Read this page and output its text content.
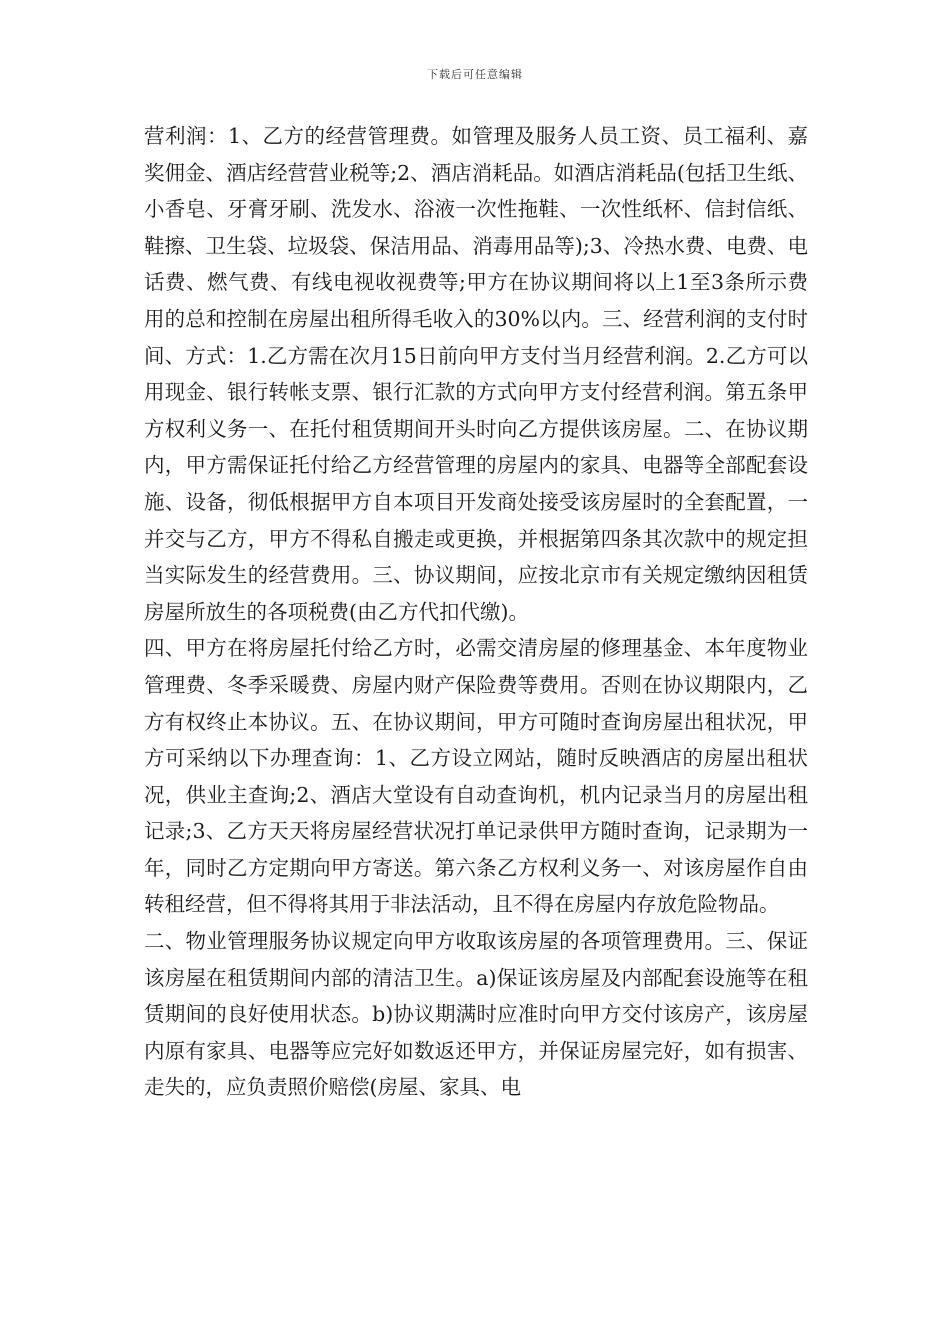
下载后可任意编辑

营利润：1、乙方的经营管理费。如管理及服务人员工资、员工福利、嘉奖佣金、酒店经营营业税等;2、酒店消耗品。如酒店消耗品(包括卫生纸、小香皂、牙膏牙刷、洗发水、浴液一次性拖鞋、一次性纸杯、信封信纸、鞋擦、卫生袋、垃圾袋、保洁用品、消毒用品等);3、冷热水费、电费、电话费、燃气费、有线电视收视费等;甲方在协议期间将以上1至3条所示费用的总和控制在房屋出租所得毛收入的30%以内。三、经营利润的支付时间、方式：1.乙方需在次月15日前向甲方支付当月经营利润。2.乙方可以用现金、银行转帐支票、银行汇款的方式向甲方支付经营利润。第五条甲方权利义务一、在托付租赁期间开头时向乙方提供该房屋。二、在协议期内，甲方需保证托付给乙方经营管理的房屋内的家具、电器等全部配套设施、设备，彻低根据甲方自本项目开发商处接受该房屋时的全套配置，一并交与乙方，甲方不得私自搬走或更换，并根据第四条其次款中的规定担当实际发生的经营费用。三、协议期间，应按北京市有关规定缴纳因租赁房屋所放生的各项税费(由乙方代扣代缴)。

四、甲方在将房屋托付给乙方时，必需交清房屋的修理基金、本年度物业管理费、冬季采暖费、房屋内财产保险费等费用。否则在协议期限内，乙方有权终止本协议。五、在协议期间，甲方可随时查询房屋出租状况，甲方可采纳以下办理查询：1、乙方设立网站，随时反映酒店的房屋出租状况，供业主查询;2、酒店大堂设有自动查询机，机内记录当月的房屋出租记录;3、乙方天天将房屋经营状况打单记录供甲方随时查询，记录期为一年，同时乙方定期向甲方寄送。第六条乙方权利义务一、对该房屋作自由转租经营，但不得将其用于非法活动，且不得在房屋内存放危险物品。

二、物业管理服务协议规定向甲方收取该房屋的各项管理费用。三、保证该房屋在租赁期间内部的清洁卫生。a)保证该房屋及内部配套设施等在租赁期间的良好使用状态。b)协议期满时应准时向甲方交付该房产，该房屋内原有家具、电器等应完好如数返还甲方，并保证房屋完好，如有损害、走失的，应负责照价赔偿(房屋、家具、电
